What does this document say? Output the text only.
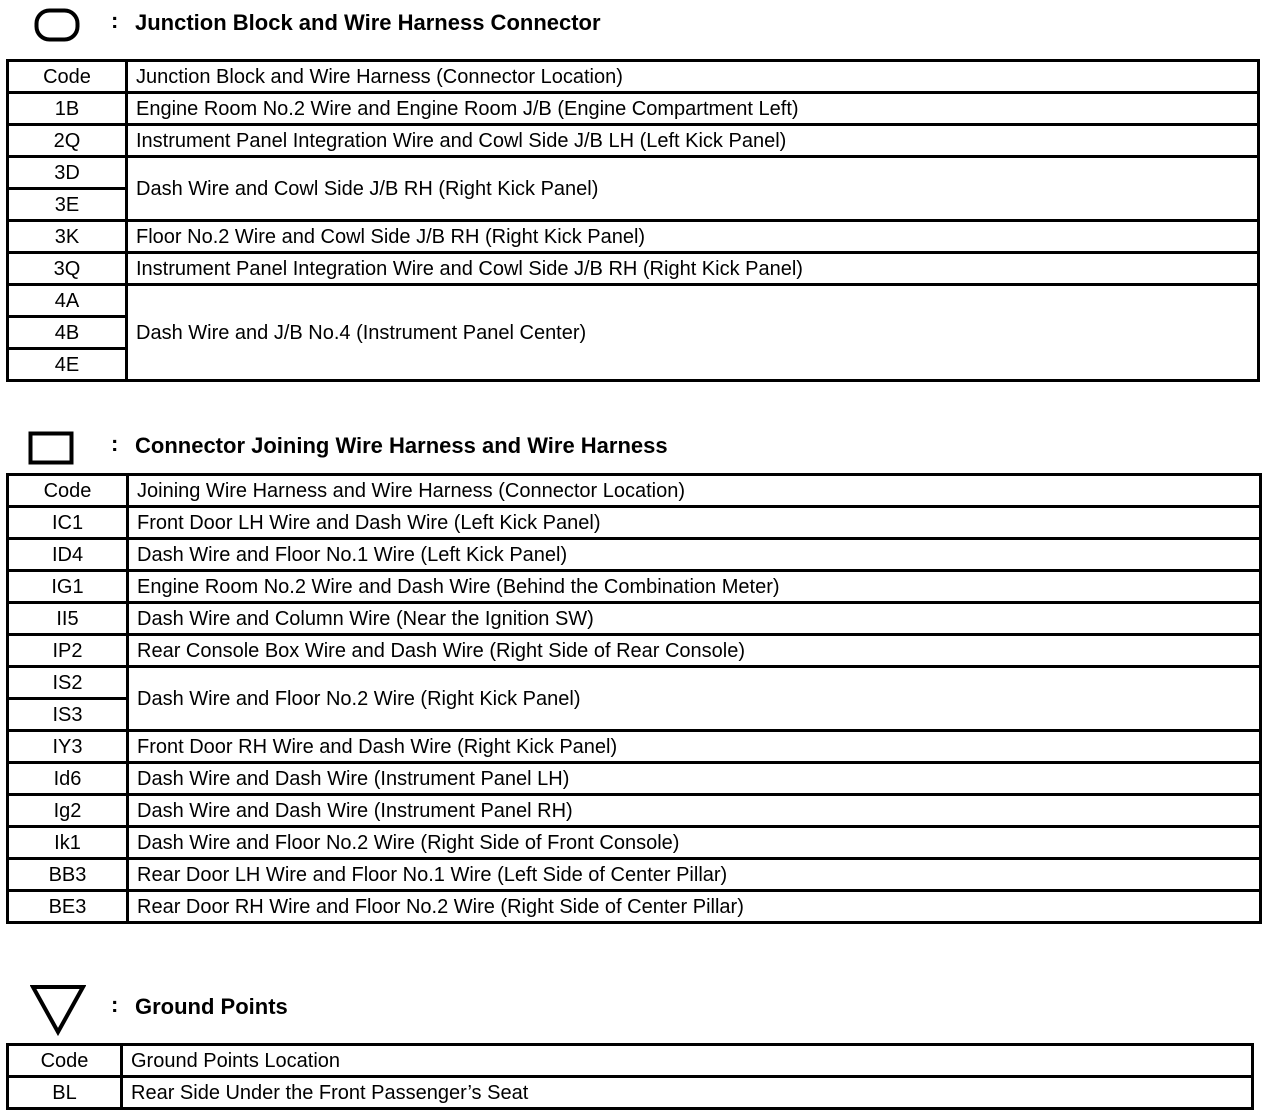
: Junction Block and Wire Harness Connector
Code	Junction Block and Wire Harness (Connector Location)
1B	Engine Room No.2 Wire and Engine Room J/B (Engine Compartment Left)
2Q	Instrument Panel Integration Wire and Cowl Side J/B LH (Left Kick Panel)
3D	Dash Wire and Cowl Side J/B RH (Right Kick Panel)
3E	
3K	Floor No.2 Wire and Cowl Side J/B RH (Right Kick Panel)
3Q	Instrument Panel Integration Wire and Cowl Side J/B RH (Right Kick Panel)
4A	Dash Wire and J/B No.4 (Instrument Panel Center)
4B	
4E	
: Connector Joining Wire Harness and Wire Harness
Code	Joining Wire Harness and Wire Harness (Connector Location)
IC1	Front Door LH Wire and Dash Wire (Left Kick Panel)
ID4	Dash Wire and Floor No.1 Wire (Left Kick Panel)
IG1	Engine Room No.2 Wire and Dash Wire (Behind the Combination Meter)
II5	Dash Wire and Column Wire (Near the Ignition SW)
IP2	Rear Console Box Wire and Dash Wire (Right Side of Rear Console)
IS2	Dash Wire and Floor No.2 Wire (Right Kick Panel)
IS3	
IY3	Front Door RH Wire and Dash Wire (Right Kick Panel)
Id6	Dash Wire and Dash Wire (Instrument Panel LH)
Ig2	Dash Wire and Dash Wire (Instrument Panel RH)
Ik1	Dash Wire and Floor No.2 Wire (Right Side of Front Console)
BB3	Rear Door LH Wire and Floor No.1 Wire (Left Side of Center Pillar)
BE3	Rear Door RH Wire and Floor No.2 Wire (Right Side of Center Pillar)
: Ground Points
Code	Ground Points Location
BL	Rear Side Under the Front Passenger’s Seat
